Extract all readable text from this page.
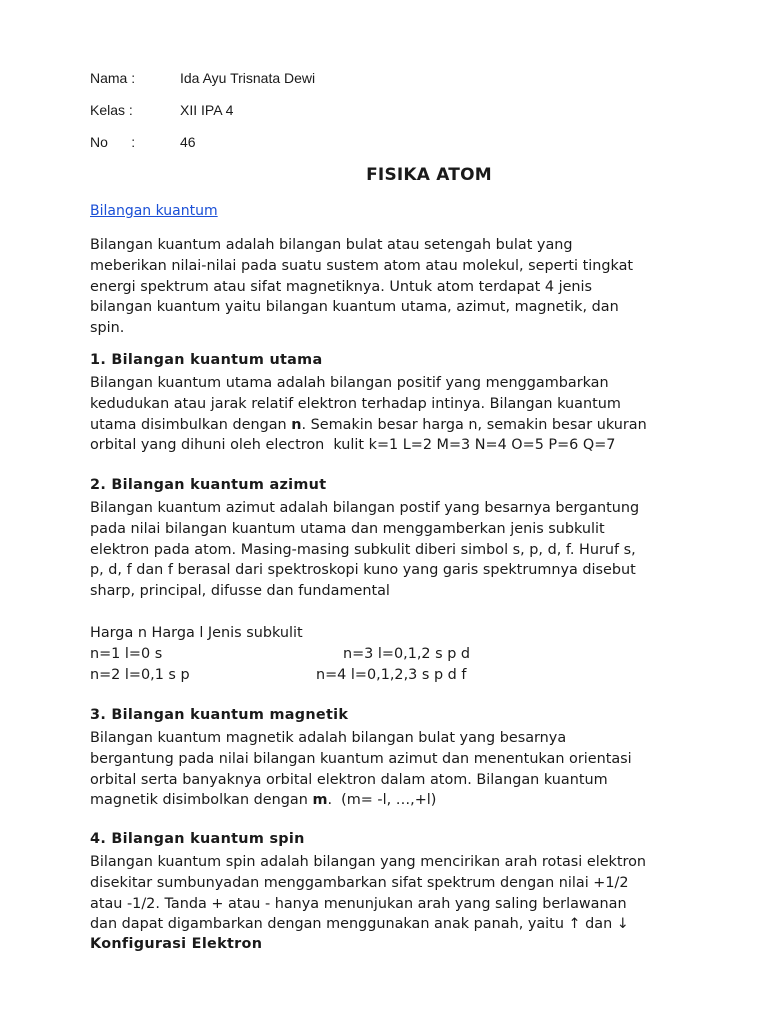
Nama :	Ida Ayu Trisnata Dewi
Kelas :	XII IPA 4
No      :	46
FISIKA ATOM
Bilangan kuantum
Bilangan kuantum adalah bilangan bulat atau setengah bulat yang
meberikan nilai-nilai pada suatu sustem atom atau molekul, seperti tingkat
energi spektrum atau sifat magnetiknya. Untuk atom terdapat 4 jenis
bilangan kuantum yaitu bilangan kuantum utama, azimut, magnetik, dan
spin.
1. Bilangan kuantum utama
Bilangan kuantum utama adalah bilangan positif yang menggambarkan
kedudukan atau jarak relatif elektron terhadap intinya. Bilangan kuantum
utama disimbulkan dengan n. Semakin besar harga n, semakin besar ukuran
orbital yang dihuni oleh electron  kulit k=1 L=2 M=3 N=4 O=5 P=6 Q=7
2. Bilangan kuantum azimut
Bilangan kuantum azimut adalah bilangan postif yang besarnya bergantung
pada nilai bilangan kuantum utama dan menggamberkan jenis subkulit
elektron pada atom. Masing-masing subkulit diberi simbol s, p, d, f. Huruf s,
p, d, f dan f berasal dari spektroskopi kuno yang garis spektrumnya disebut
sharp, principal, difusse dan fundamental
Harga n Harga l Jenis subkulit
n=1 l=0 s	n=3 l=0,1,2 s p d
n=2 l=0,1 s p	n=4 l=0,1,2,3 s p d f
3. Bilangan kuantum magnetik
Bilangan kuantum magnetik adalah bilangan bulat yang besarnya
bergantung pada nilai bilangan kuantum azimut dan menentukan orientasi
orbital serta banyaknya orbital elektron dalam atom. Bilangan kuantum
magnetik disimbolkan dengan m.  (m= -l, …,+l)
4. Bilangan kuantum spin
Bilangan kuantum spin adalah bilangan yang mencirikan arah rotasi elektron
disekitar sumbunyadan menggambarkan sifat spektrum dengan nilai +1/2
atau -1/2. Tanda + atau - hanya menunjukan arah yang saling berlawanan
dan dapat digambarkan dengan menggunakan anak panah, yaitu ↑ dan ↓
Konfigurasi Elektron
